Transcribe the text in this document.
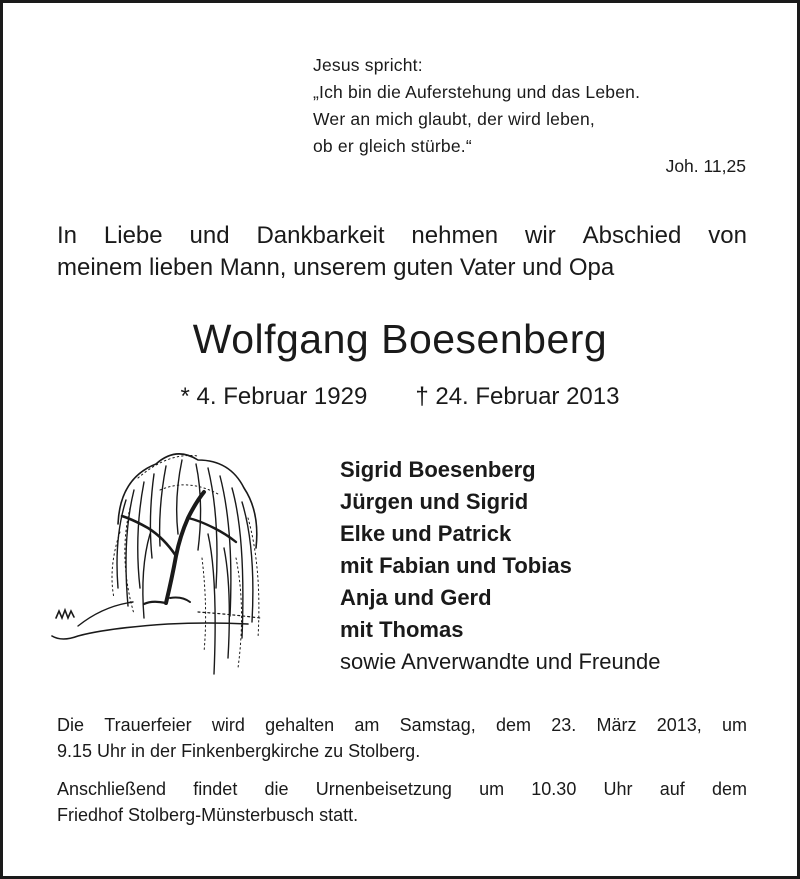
Jesus spricht:
„Ich bin die Auferstehung und das Leben.
Wer an mich glaubt, der wird leben,
ob er gleich stürbe.“
Joh. 11,25
In Liebe und Dankbarkeit nehmen wir Abschied von
meinem lieben Mann, unserem guten Vater und Opa
Wolfgang Boesenberg
* 4. Februar 1929 † 24. Februar 2013
Sigrid Boesenberg
Jürgen und Sigrid
Elke und Patrick
mit Fabian und Tobias
Anja und Gerd
mit Thomas
sowie Anverwandte und Freunde
Die Trauerfeier wird gehalten am Samstag, dem 23. März 2013, um
9.15 Uhr in der Finkenbergkirche zu Stolberg.
Anschließend findet die Urnenbeisetzung um 10.30 Uhr auf dem
Friedhof Stolberg-Münsterbusch statt.
